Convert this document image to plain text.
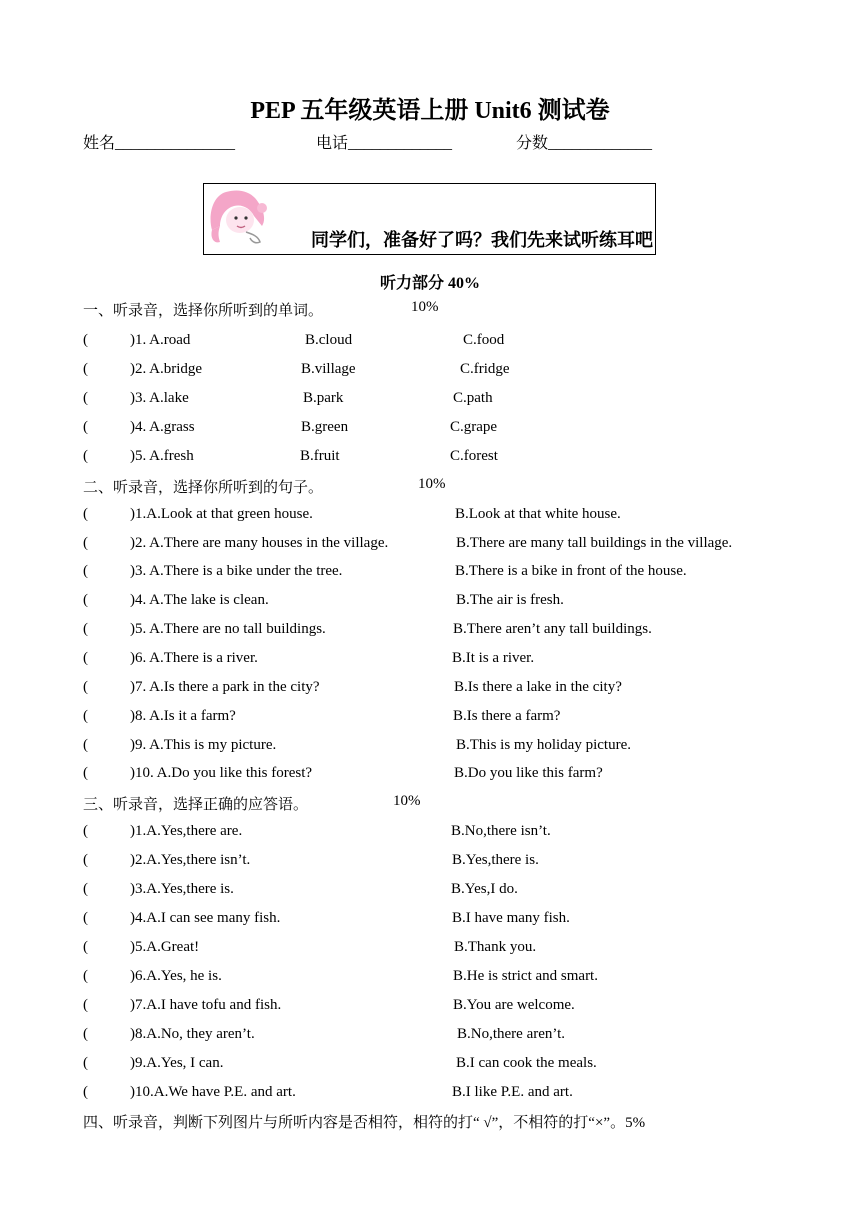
PEP 五年级英语上册 Unit6 测试卷
姓名_______________	电话_____________	分数_____________
同学们，准备好了吗？我们先来试听练耳吧
听力部分 40%
一、听录音，选择你所听到的单词。	10%
(	)1. A.road	B.cloud	C.food
(	)2. A.bridge	B.village	C.fridge
(	)3. A.lake	B.park	C.path
(	)4. A.grass	B.green	C.grape
(	)5. A.fresh	B.fruit	C.forest
二、听录音，选择你所听到的句子。	10%
(	)1.A.Look at that green house.	B.Look at that white house.
(	)2. A.There are many houses in the village.	B.There are many tall buildings in the village.
(	)3. A.There is a bike under the tree.	B.There is a bike in front of the house.
(	)4. A.The lake is clean.	B.The air is fresh.
(	)5. A.There are no tall buildings.	B.There aren’t any tall buildings.
(	)6. A.There is a river.	B.It is a river.
(	)7. A.Is there a park in the city?	B.Is there a lake in the city?
(	)8. A.Is it a farm?	B.Is there a farm?
(	)9. A.This is my picture.	B.This is my holiday picture.
(	)10. A.Do you like this forest?	B.Do you like this farm?
三、听录音，选择正确的应答语。	10%
(	)1.A.Yes,there are.	B.No,there isn’t.
(	)2.A.Yes,there isn’t.	B.Yes,there is.
(	)3.A.Yes,there is.	B.Yes,I do.
(	)4.A.I can see many fish.	B.I have many fish.
(	)5.A.Great!	B.Thank you.
(	)6.A.Yes, he is.	B.He is strict and smart.
(	)7.A.I have tofu and fish.	B.You are welcome.
(	)8.A.No, they aren’t.	B.No,there aren’t.
(	)9.A.Yes, I can.	B.I can cook the meals.
(	)10.A.We have P.E. and art.	B.I like P.E. and art.
四、听录音，判断下列图片与所听内容是否相符，相符的打“ √”，不相符的打“×”。5%
